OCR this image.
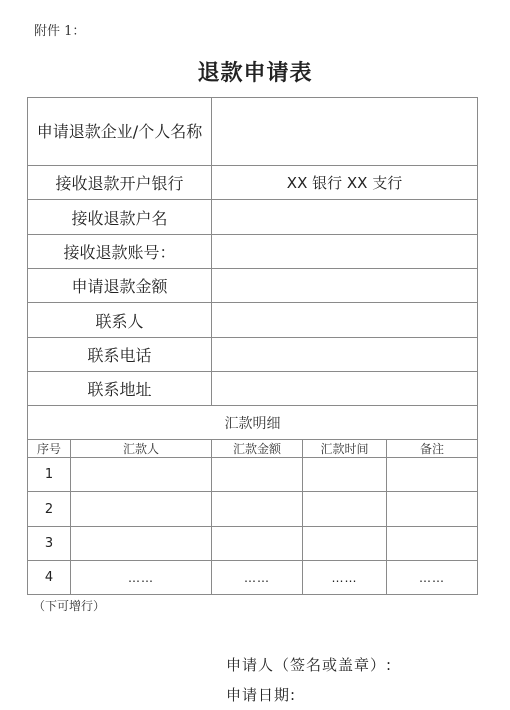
附件 1：
退款申请表
申请退款企业/个人名称				
接收退款开户银行		XX 银行 XX 支行		
接收退款户名				
接收退款账号：				
申请退款金额				
联系人				
联系电话				
联系地址				
汇款明细				
序号	汇款人	汇款金额	汇款时间	备注
1				
2				
3				
4	……	……	……	……
（下可增行）
申请人（签名或盖章）:
申请日期:
